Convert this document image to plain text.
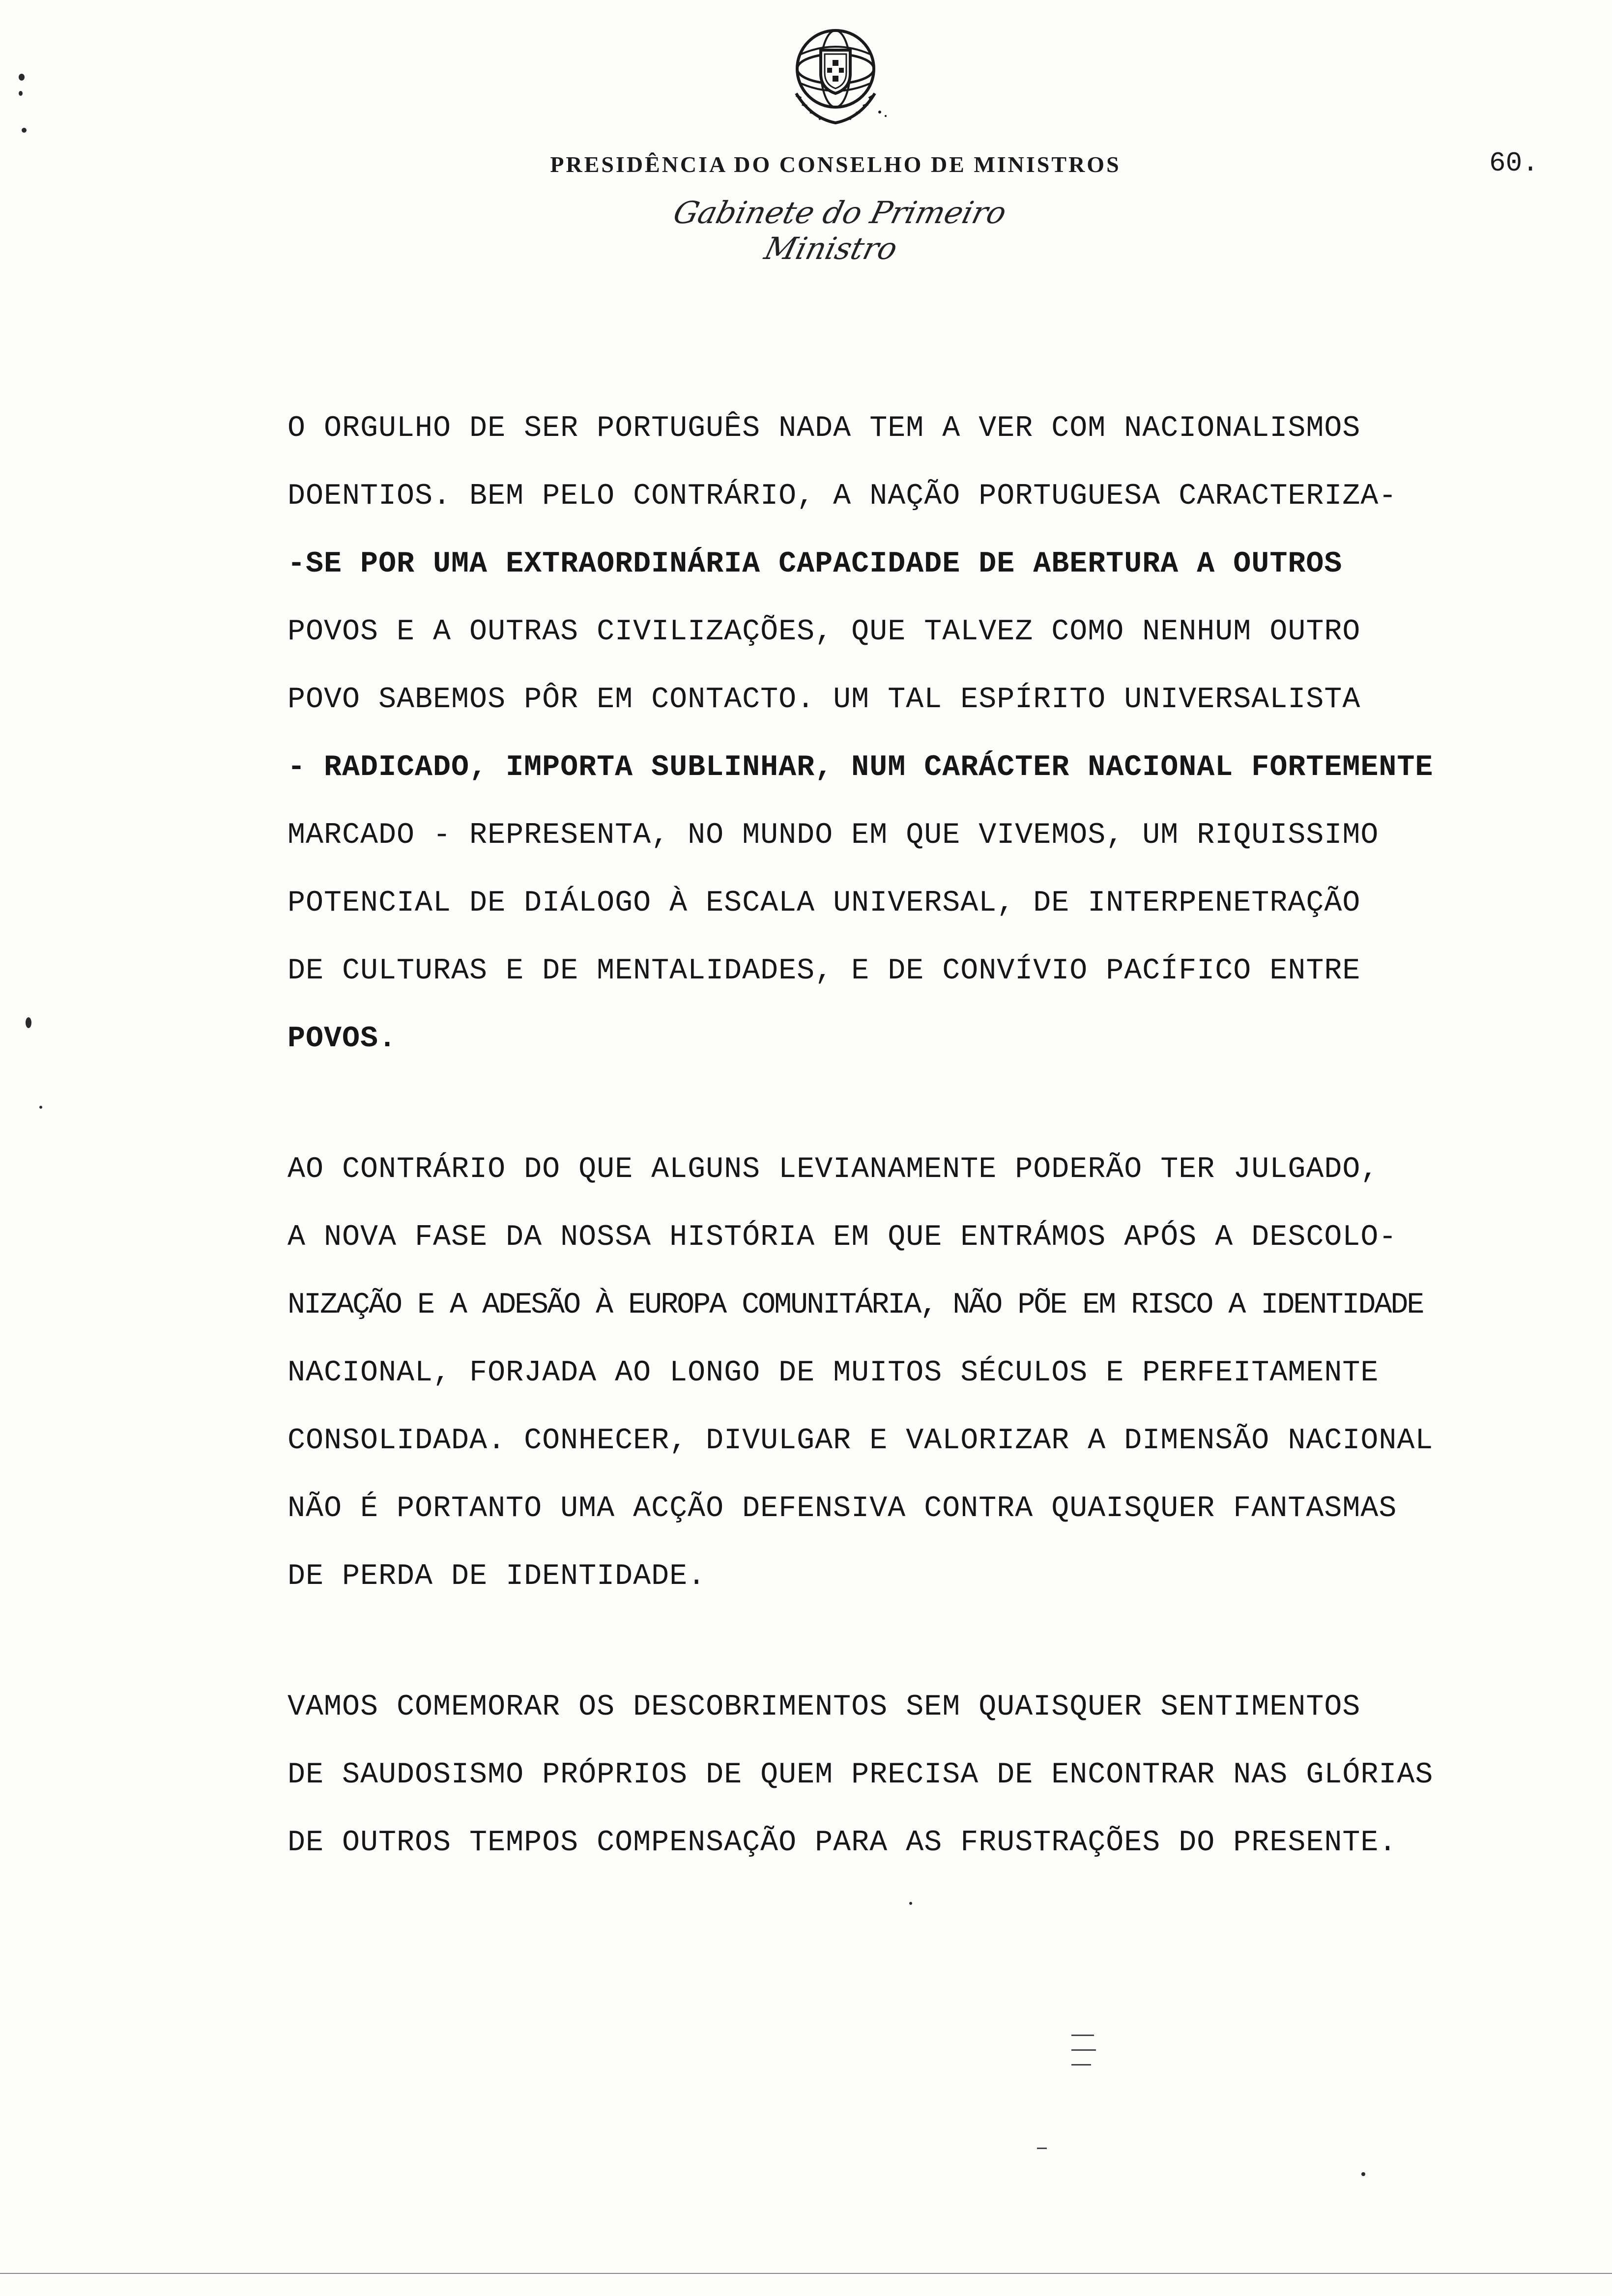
PRESIDÊNCIA DO CONSELHO DE MINISTROS	60.
Gabinete do Primeiro Ministro
O ORGULHO DE SER PORTUGUÊS NADA TEM A VER COM NACIONALISMOS
DOENTIOS. BEM PELO CONTRÁRIO, A NAÇÃO PORTUGUESA CARACTERIZA-
-SE POR UMA EXTRAORDINÁRIA CAPACIDADE DE ABERTURA A OUTROS
POVOS E A OUTRAS CIVILIZAÇÕES, QUE TALVEZ COMO NENHUM OUTRO
POVO SABEMOS PÔR EM CONTACTO. UM TAL ESPÍRITO UNIVERSALISTA
- RADICADO, IMPORTA SUBLINHAR, NUM CARÁCTER NACIONAL FORTEMENTE
MARCADO - REPRESENTA, NO MUNDO EM QUE VIVEMOS, UM RIQUISSIMO
POTENCIAL DE DIÁLOGO À ESCALA UNIVERSAL, DE INTERPENETRAÇÃO
DE CULTURAS E DE MENTALIDADES, E DE CONVÍVIO PACÍFICO ENTRE
POVOS.
AO CONTRÁRIO DO QUE ALGUNS LEVIANAMENTE PODERÃO TER JULGADO,
A NOVA FASE DA NOSSA HISTÓRIA EM QUE ENTRÁMOS APÓS A DESCOLO-
NIZAÇÃO E A ADESÃO À EUROPA COMUNITÁRIA, NÃO PÕE EM RISCO A IDENTIDADE
NACIONAL, FORJADA AO LONGO DE MUITOS SÉCULOS E PERFEITAMENTE
CONSOLIDADA. CONHECER, DIVULGAR E VALORIZAR A DIMENSÃO NACIONAL
NÃO É PORTANTO UMA ACÇÃO DEFENSIVA CONTRA QUAISQUER FANTASMAS
DE PERDA DE IDENTIDADE.
VAMOS COMEMORAR OS DESCOBRIMENTOS SEM QUAISQUER SENTIMENTOS
DE SAUDOSISMO PRÓPRIOS DE QUEM PRECISA DE ENCONTRAR NAS GLÓRIAS
DE OUTROS TEMPOS COMPENSAÇÃO PARA AS FRUSTRAÇÕES DO PRESENTE.
